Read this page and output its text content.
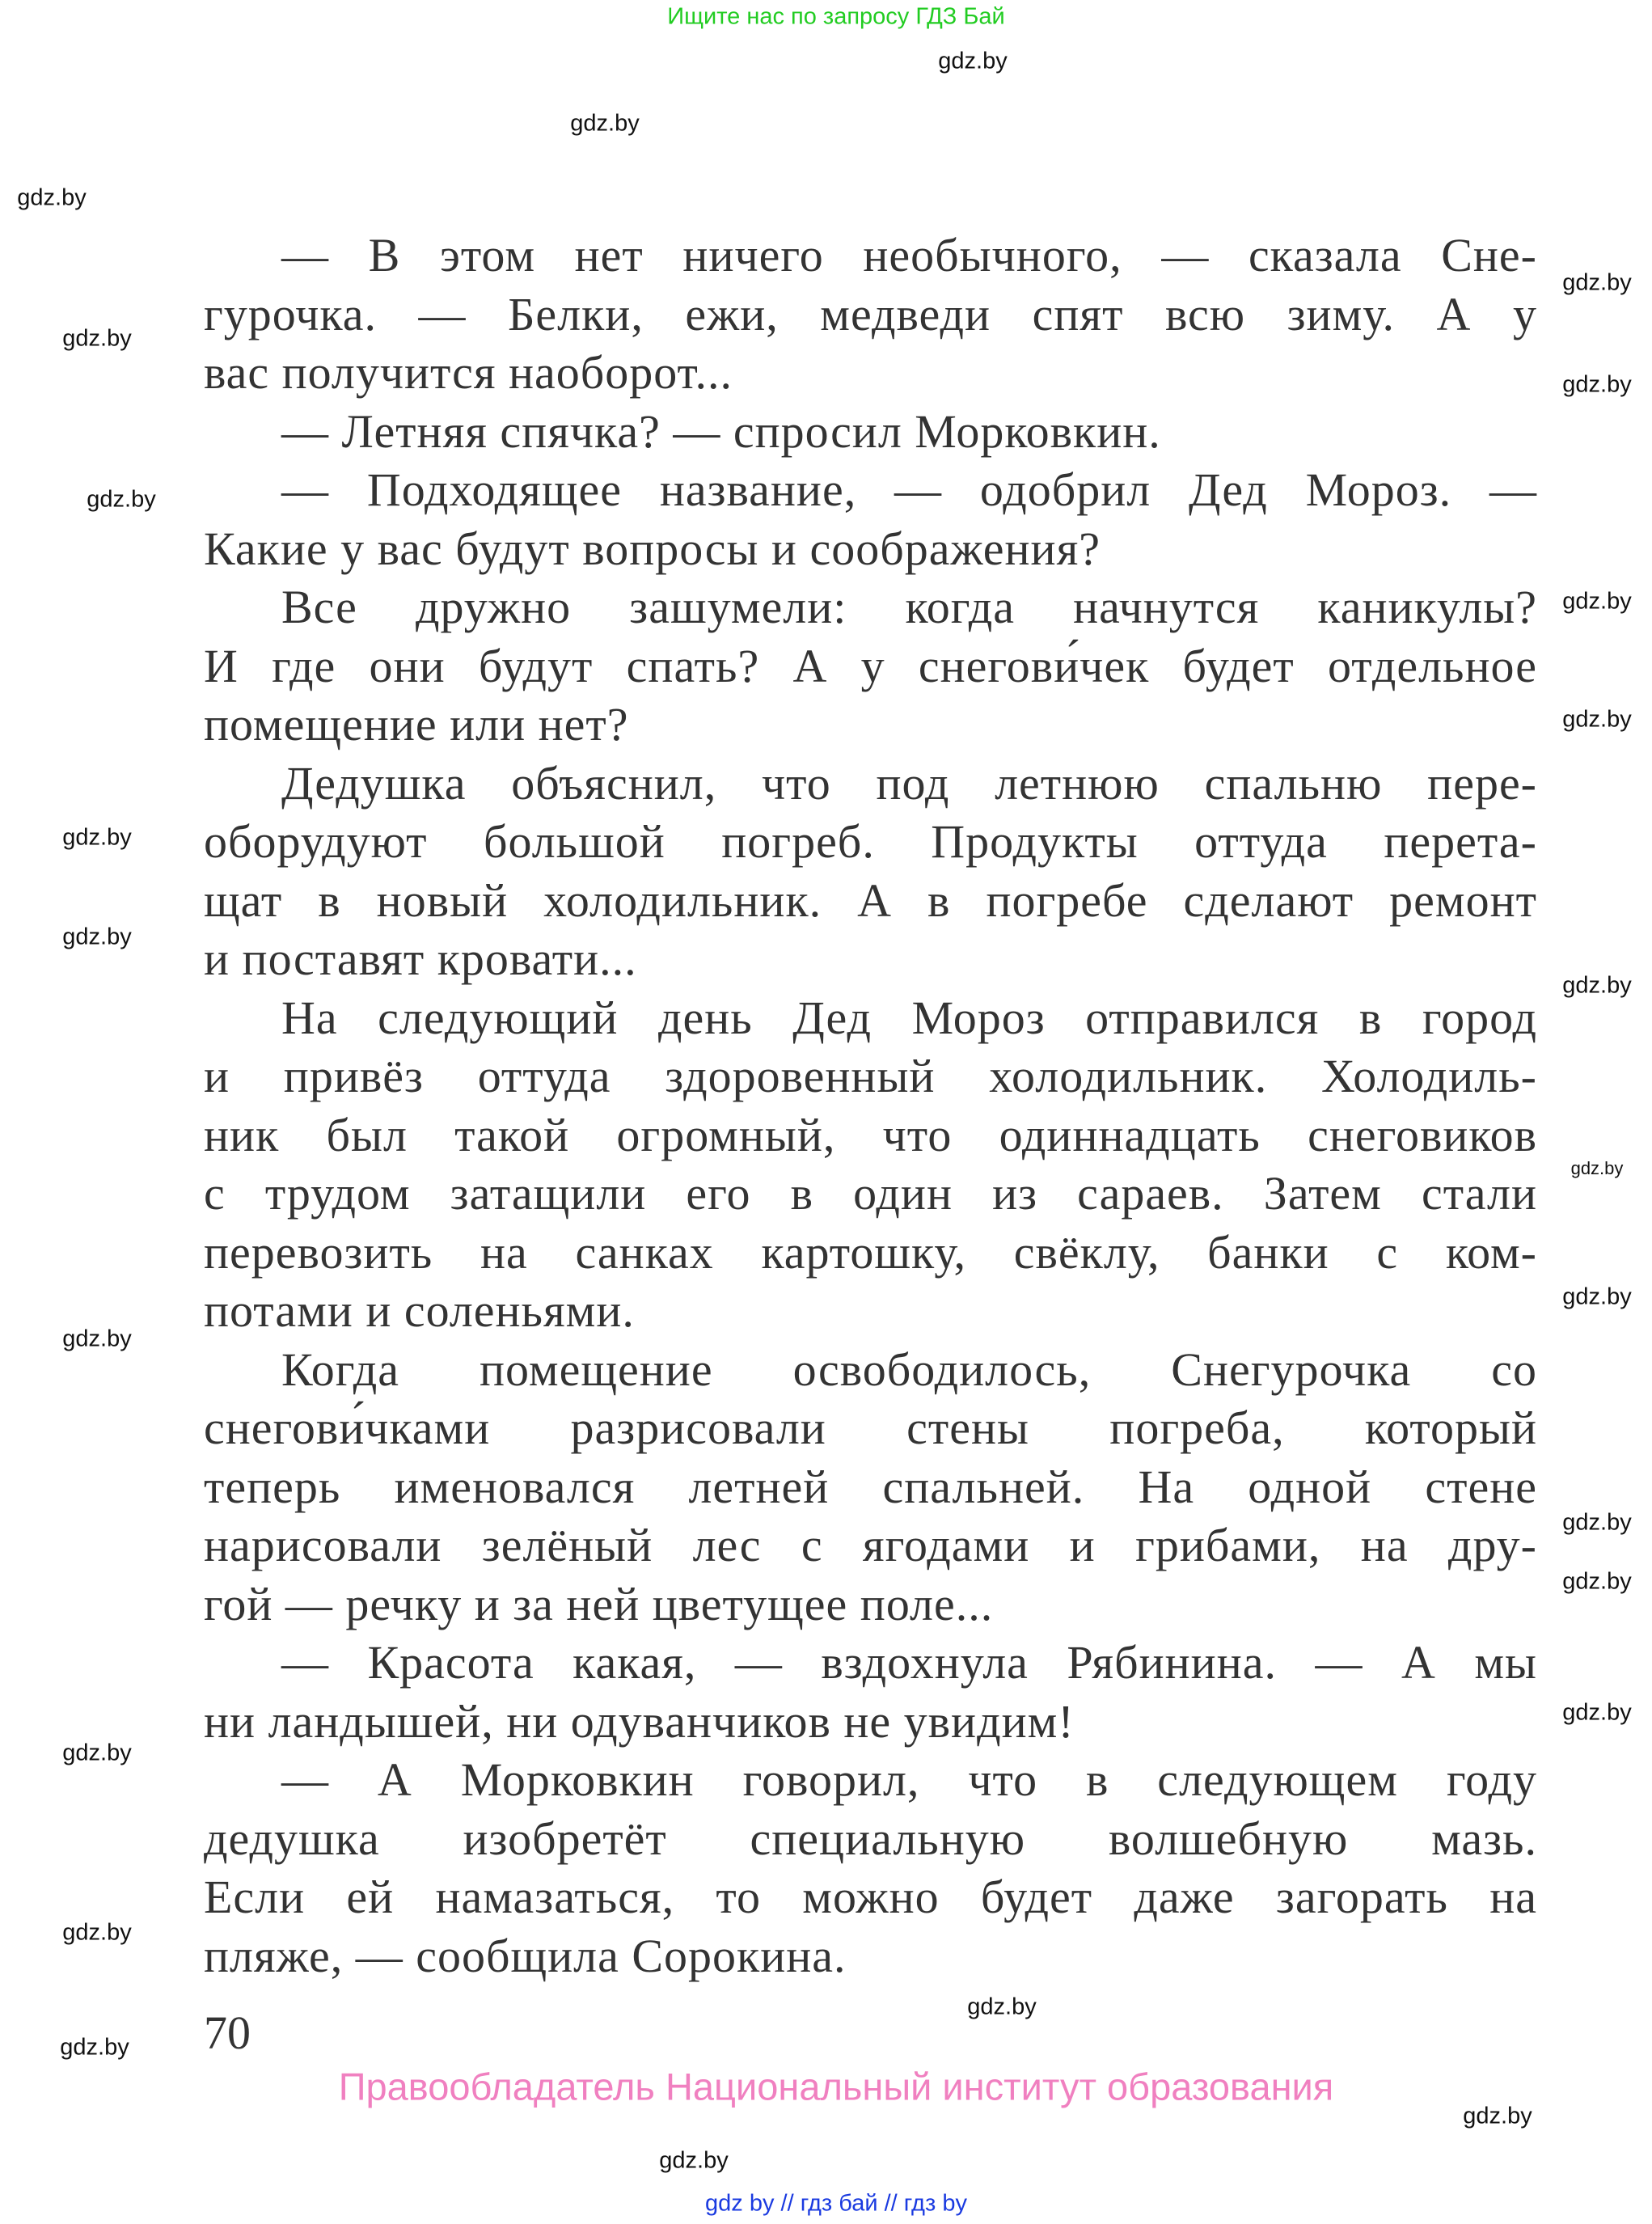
Ищите нас по запросу ГДЗ Бай
— В этом нет ничего необычного, — сказала Сне-
гурочка. — Белки, ежи, медведи спят всю зиму. А у
вас получится наоборот...
— Летняя спячка? — спросил Морковкин.
— Подходящее название, — одобрил Дед Мороз. —
Какие у вас будут вопросы и соображения?
Все дружно зашумели: когда начнутся каникулы?
И где они будут спать? А у снегови́чек будет отдельное
помещение или нет?
Дедушка объяснил, что под летнюю спальню пере-
оборудуют большой погреб. Продукты оттуда перета-
щат в новый холодильник. А в погребе сделают ремонт
и поставят кровати...
На следующий день Дед Мороз отправился в город
и привёз оттуда здоровенный холодильник. Холодиль-
ник был такой огромный, что одиннадцать снеговиков
с трудом затащили его в один из сараев. Затем стали
перевозить на санках картошку, свёклу, банки с ком-
потами и соленьями.
Когда помещение освободилось, Снегурочка со
снегови́чками разрисовали стены погреба, который
теперь именовался летней спальней. На одной стене
нарисовали зелёный лес с ягодами и грибами, на дру-
гой — речку и за ней цветущее поле...
— Красота какая, — вздохнула Рябинина. — А мы
ни ландышей, ни одуванчиков не увидим!
— А Морковкин говорил, что в следующем году
дедушка изобретёт специальную волшебную мазь.
Если ей намазаться, то можно будет даже загорать на
пляже, — сообщила Сорокина.
70
Правообладатель Национальный институт образования
gdz by // гдз бай // гдз by
gdz.by
gdz.by
gdz.by
gdz.by
gdz.by
gdz.by
gdz.by
gdz.by
gdz.by
gdz.by
gdz.by
gdz.by
gdz.by
gdz.by
gdz.by
gdz.by
gdz.by
gdz.by
gdz.by
gdz.by
gdz.by
gdz.by
gdz.by
gdz.by
